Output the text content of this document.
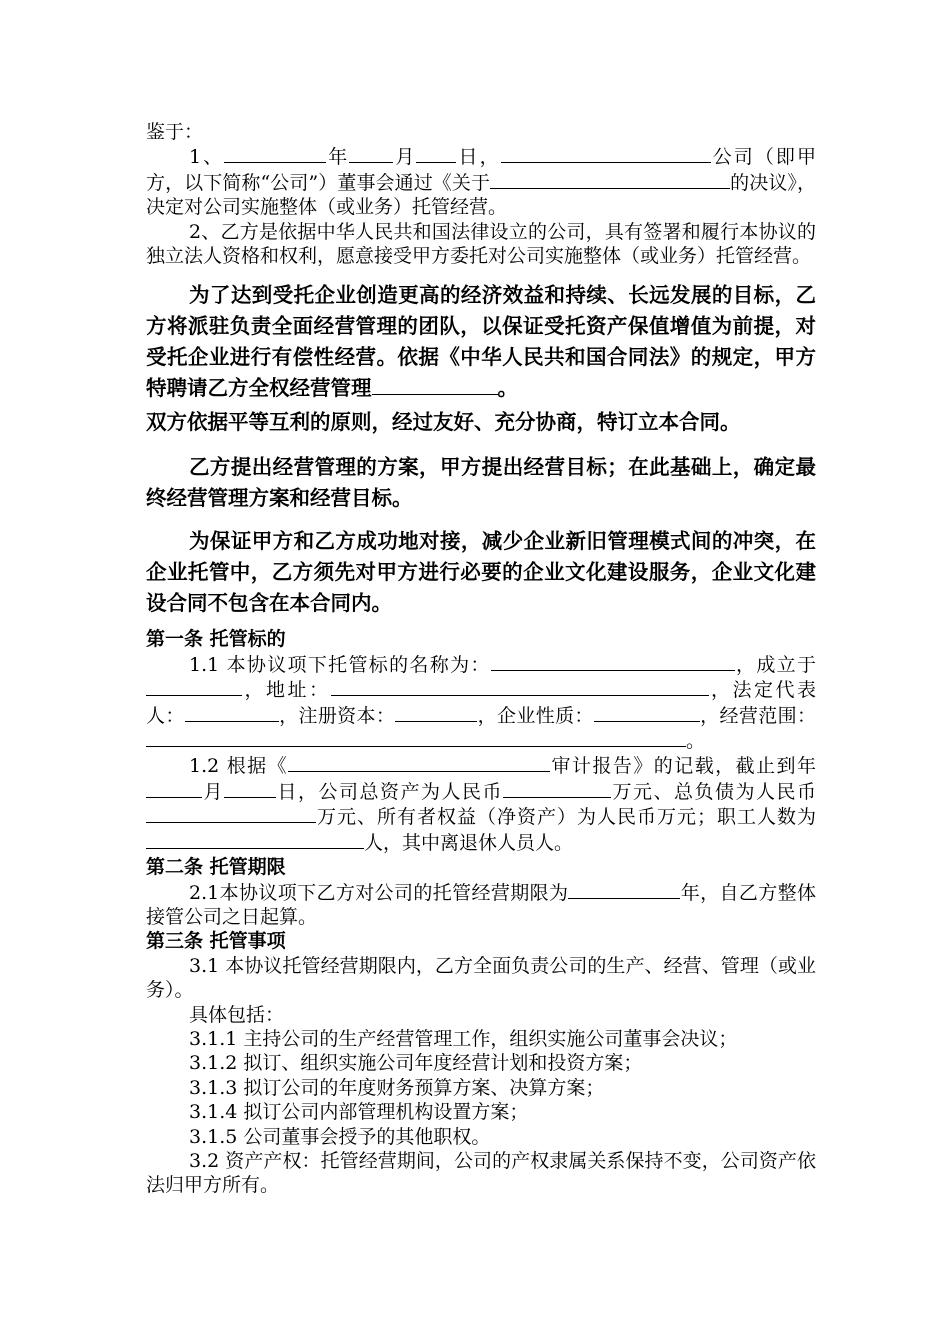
鉴于：

1、	年 月 日，	公司（即甲方，以下简称“公司”）董事会通过《关于	的决议》，决定对公司实施整体（或业务）托管经营。

2、乙方是依据中华人民共和国法律设立的公司，具有签署和履行本协议的独立法人资格和权利，愿意接受甲方委托对公司实施整体（或业务）托管经营。

为了达到受托企业创造更高的经济效益和持续、长远发展的目标，乙方将派驻负责全面经营管理的团队，以保证受托资产保值增值为前提，对受托企业进行有偿性经营。依据《中华人民共和国合同法》的规定，甲方特聘请乙方全权经营管理	。

双方依据平等互利的原则，经过友好、充分协商，特订立本合同。

乙方提出经营管理的方案，甲方提出经营目标；在此基础上，确定最终经营管理方案和经营目标。

为保证甲方和乙方成功地对接，减少企业新旧管理模式间的冲突，在企业托管中，乙方须先对甲方进行必要的企业文化建设服务，企业文化建设合同不包含在本合同内。

第一条 托管标的

1.1 本协议项下托管标的名称为：	，成立于，地址：	，法定代表人：	，注册资本：	，企业性质：	，经营范围：。

1.2 根据《	审计报告》的记载，截止到年月	日，公司总资产为人民币	万元、总负债为人民币万元、所有者权益（净资产）为人民币万元；职工人数为人，其中离退休人员人。

第二条 托管期限

2.1本协议项下乙方对公司的托管经营期限为	年，自乙方整体接管公司之日起算。

第三条 托管事项

3.1 本协议托管经营期限内，乙方全面负责公司的生产、经营、管理（或业务）。

具体包括：

3.1.1 主持公司的生产经营管理工作，组织实施公司董事会决议；

3.1.2 拟订、组织实施公司年度经营计划和投资方案；

3.1.3 拟订公司的年度财务预算方案、决算方案；

3.1.4 拟订公司内部管理机构设置方案；

3.1.5 公司董事会授予的其他职权。

3.2 资产产权：托管经营期间，公司的产权隶属关系保持不变，公司资产依法归甲方所有。
